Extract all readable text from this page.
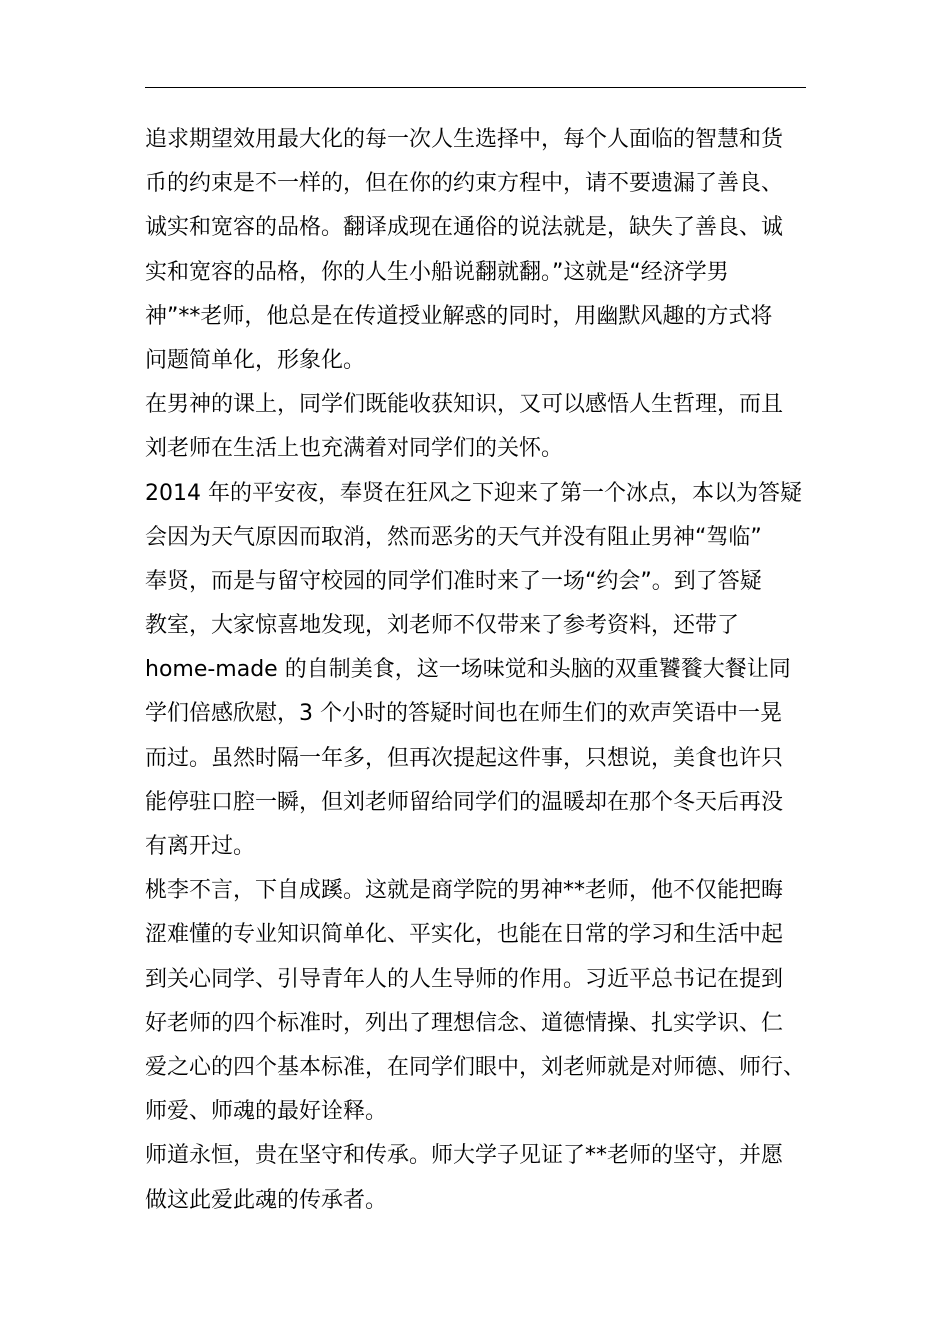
追求期望效用最大化的每一次人生选择中，每个人面临的智慧和货
币的约束是不一样的，但在你的约束方程中，请不要遗漏了善良、
诚实和宽容的品格。翻译成现在通俗的说法就是，缺失了善良、诚
实和宽容的品格，你的人生小船说翻就翻。”这就是“经济学男
神”**老师，他总是在传道授业解惑的同时，用幽默风趣的方式将
问题简单化，形象化。
在男神的课上，同学们既能收获知识，又可以感悟人生哲理，而且
刘老师在生活上也充满着对同学们的关怀。
2014 年的平安夜，奉贤在狂风之下迎来了第一个冰点，本以为答疑
会因为天气原因而取消，然而恶劣的天气并没有阻止男神“驾临”
奉贤，而是与留守校园的同学们准时来了一场“约会”。到了答疑
教室，大家惊喜地发现，刘老师不仅带来了参考资料，还带了
home-made 的自制美食，这一场味觉和头脑的双重饕餮大餐让同
学们倍感欣慰，3 个小时的答疑时间也在师生们的欢声笑语中一晃
而过。虽然时隔一年多，但再次提起这件事，只想说，美食也许只
能停驻口腔一瞬，但刘老师留给同学们的温暖却在那个冬天后再没
有离开过。
桃李不言，下自成蹊。这就是商学院的男神**老师，他不仅能把晦
涩难懂的专业知识简单化、平实化，也能在日常的学习和生活中起
到关心同学、引导青年人的人生导师的作用。习近平总书记在提到
好老师的四个标准时，列出了理想信念、道德情操、扎实学识、仁
爱之心的四个基本标准，在同学们眼中，刘老师就是对师德、师行、
师爱、师魂的最好诠释。
师道永恒，贵在坚守和传承。师大学子见证了**老师的坚守，并愿
做这此爱此魂的传承者。
